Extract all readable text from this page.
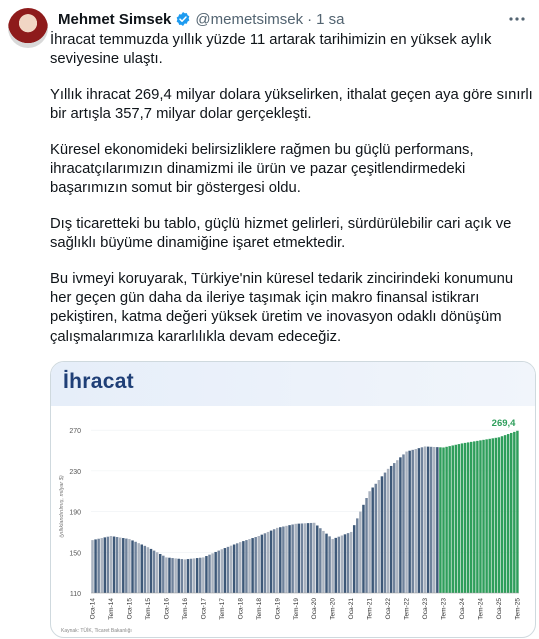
Mehmet Simsek @memetsimsek · 1 sa

İhracat temmuzda yıllık yüzde 11 artarak tarihimizin en yüksek aylık seviyesine ulaştı.

Yıllık ihracat 269,4 milyar dolara yükselirken, ithalat geçen aya göre sınırlı bir artışla 357,7 milyar dolar gerçekleşti.

Küresel ekonomideki belirsizliklere rağmen bu güçlü performans, ihracatçılarımızın dinamizmi ile ürün ve pazar çeşitlendirmedeki başarımızın somut bir göstergesi oldu.

Dış ticaretteki bu tablo, güçlü hizmet gelirleri, sürdürülebilir cari açık ve sağlıklı büyüme dinamiğine işaret etmektedir.

Bu ivmeyi koruyarak, Türkiye'nin küresel tedarik zincirindeki konumunu her geçen gün daha da ileriye taşımak için makro finansal istikrarı pekiştiren, katma değeri yüksek üretim ve inovasyon odaklı dönüşüm çalışmalarımıza kararlılıkla devam edeceğiz.

İhracat
110
150
190
230
270
(yıllıklandırılmış, milyar $)
Oca-14 Tem-14 Oca-15 Tem-15 Oca-16 Tem-16 Oca-17 Tem-17 Oca-18 Tem-18 Oca-19 Tem-19 Oca-20 Tem-20 Oca-21 Tem-21 Oca-22 Tem-22 Oca-23 Tem-23 Oca-24 Tem-24 Oca-25 Tem-25
269,4
Kaynak: TÜİK, Ticaret Bakanlığı
